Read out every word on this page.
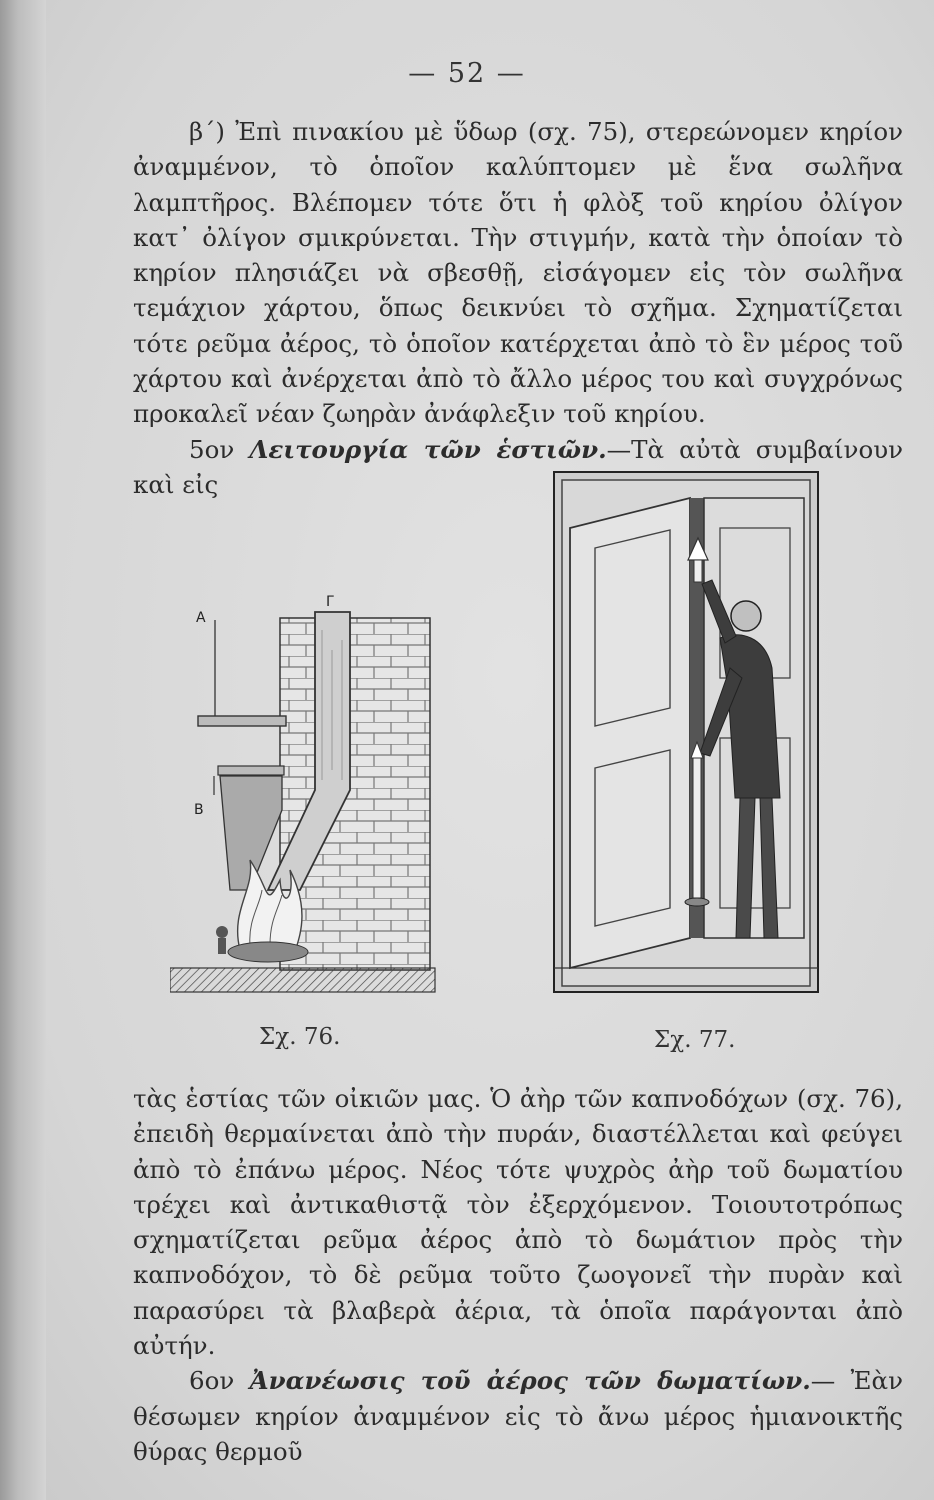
— 52 —

β΄) Ἐπὶ πινακίου μὲ ὕδωρ (σχ. 75), στερεώνομεν κηρίον ἀναμμένον, τὸ ὁποῖον καλύπτομεν μὲ ἕνα σωλῆνα λαμπτῆρος. Βλέπομεν τότε ὅτι ἡ φλὸξ τοῦ κηρίου ὀλίγον κατ᾽ ὀλίγον σμικρύνεται. Τὴν στιγμήν, κατὰ τὴν ὁποίαν τὸ κηρίον πλησιάζει νὰ σβεσθῇ, εἰσάγομεν εἰς τὸν σωλῆνα τεμάχιον χάρτου, ὅπως δεικνύει τὸ σχῆμα. Σχηματίζεται τότε ρεῦμα ἀέρος, τὸ ὁποῖον κατέρχεται ἀπὸ τὸ ἓν μέρος τοῦ χάρτου καὶ ἀνέρχεται ἀπὸ τὸ ἄλλο μέρος του καὶ συγχρόνως προκαλεῖ νέαν ζωηρὰν ἀνάφλεξιν τοῦ κηρίου.

5ον Λειτουργία τῶν ἑστιῶν.—Τὰ αὐτὰ συμβαίνουν καὶ εἰς

A
Γ
B
Σχ. 76.	Σχ. 77.

τὰς ἑστίας τῶν οἰκιῶν μας. Ὁ ἀὴρ τῶν καπνοδόχων (σχ. 76), ἐπειδὴ θερμαίνεται ἀπὸ τὴν πυράν, διαστέλλεται καὶ φεύγει ἀπὸ τὸ ἐπάνω μέρος. Νέος τότε ψυχρὸς ἀὴρ τοῦ δωματίου τρέχει καὶ ἀντικαθιστᾷ τὸν ἐξερχόμενον. Τοιουτοτρόπως σχηματίζεται ρεῦμα ἀέρος ἀπὸ τὸ δωμάτιον πρὸς τὴν καπνοδόχον, τὸ δὲ ρεῦμα τοῦτο ζωογονεῖ τὴν πυρὰν καὶ παρασύρει τὰ βλαβερὰ ἀέρια, τὰ ὁποῖα παράγονται ἀπὸ αὐτήν.

6ον Ἀνανέωσις τοῦ ἀέρος τῶν δωματίων.— Ἐὰν θέσωμεν κηρίον ἀναμμένον εἰς τὸ ἄνω μέρος ἡμιανοικτῆς θύρας θερμοῦ
